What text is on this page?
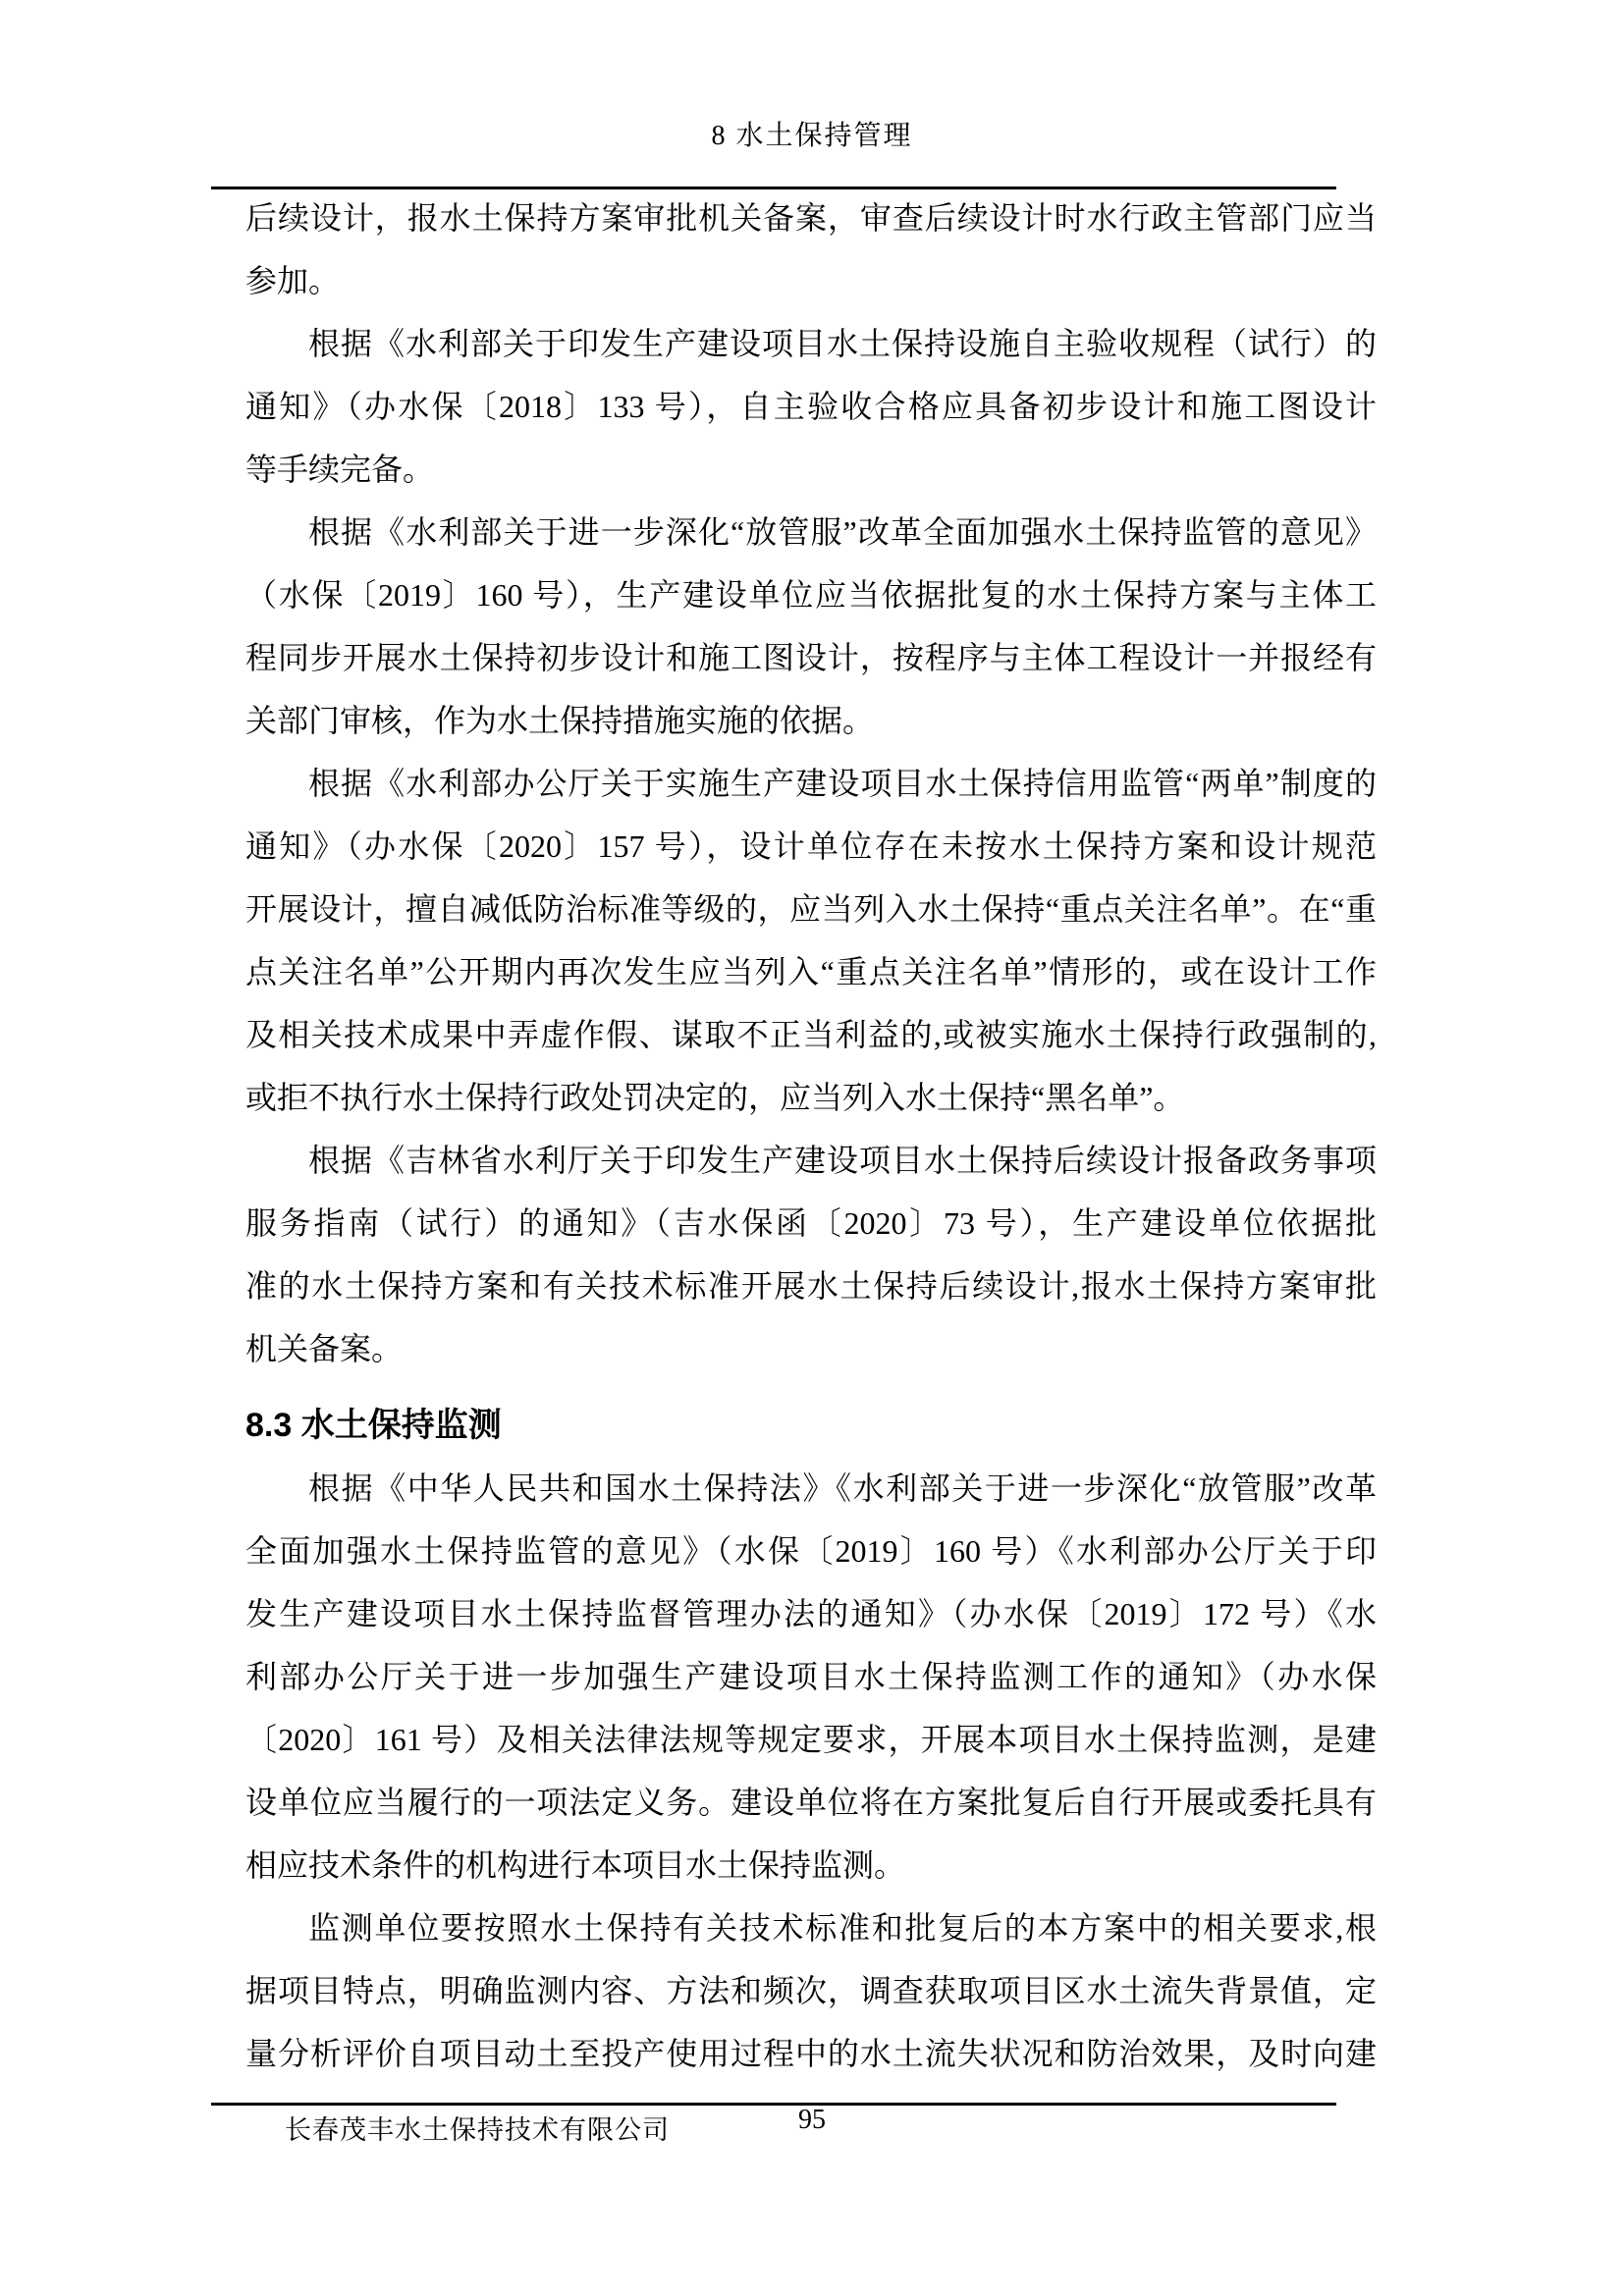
8 水土保持管理
后续设计，报水土保持方案审批机关备案，审查后续设计时水行政主管部门应当
参加。
根据《水利部关于印发生产建设项目水土保持设施自主验收规程（试行）的
通知》（办水保〔2018〕133 号），自主验收合格应具备初步设计和施工图设计
等手续完备。
根据《水利部关于进一步深化“放管服”改革全面加强水土保持监管的意见》
（水保〔2019〕160 号），生产建设单位应当依据批复的水土保持方案与主体工
程同步开展水土保持初步设计和施工图设计，按程序与主体工程设计一并报经有
关部门审核，作为水土保持措施实施的依据。
根据《水利部办公厅关于实施生产建设项目水土保持信用监管“两单”制度的
通知》（办水保〔2020〕157 号），设计单位存在未按水土保持方案和设计规范
开展设计，擅自减低防治标准等级的，应当列入水土保持“重点关注名单”。在“重
点关注名单”公开期内再次发生应当列入“重点关注名单”情形的，或在设计工作
及相关技术成果中弄虚作假、谋取不正当利益的,或被实施水土保持行政强制的,
或拒不执行水土保持行政处罚决定的，应当列入水土保持“黑名单”。
根据《吉林省水利厅关于印发生产建设项目水土保持后续设计报备政务事项
服务指南（试行）的通知》（吉水保函〔2020〕73 号），生产建设单位依据批
准的水土保持方案和有关技术标准开展水土保持后续设计,报水土保持方案审批
机关备案。
8.3 水土保持监测
根据《中华人民共和国水土保持法》《水利部关于进一步深化“放管服”改革
全面加强水土保持监管的意见》（水保〔2019〕160 号）《水利部办公厅关于印
发生产建设项目水土保持监督管理办法的通知》（办水保〔2019〕172 号）《水
利部办公厅关于进一步加强生产建设项目水土保持监测工作的通知》（办水保
〔2020〕161 号）及相关法律法规等规定要求，开展本项目水土保持监测，是建
设单位应当履行的一项法定义务。建设单位将在方案批复后自行开展或委托具有
相应技术条件的机构进行本项目水土保持监测。
监测单位要按照水土保持有关技术标准和批复后的本方案中的相关要求,根
据项目特点，明确监测内容、方法和频次，调查获取项目区水土流失背景值，定
量分析评价自项目动土至投产使用过程中的水土流失状况和防治效果，及时向建
95
长春茂丰水土保持技术有限公司
